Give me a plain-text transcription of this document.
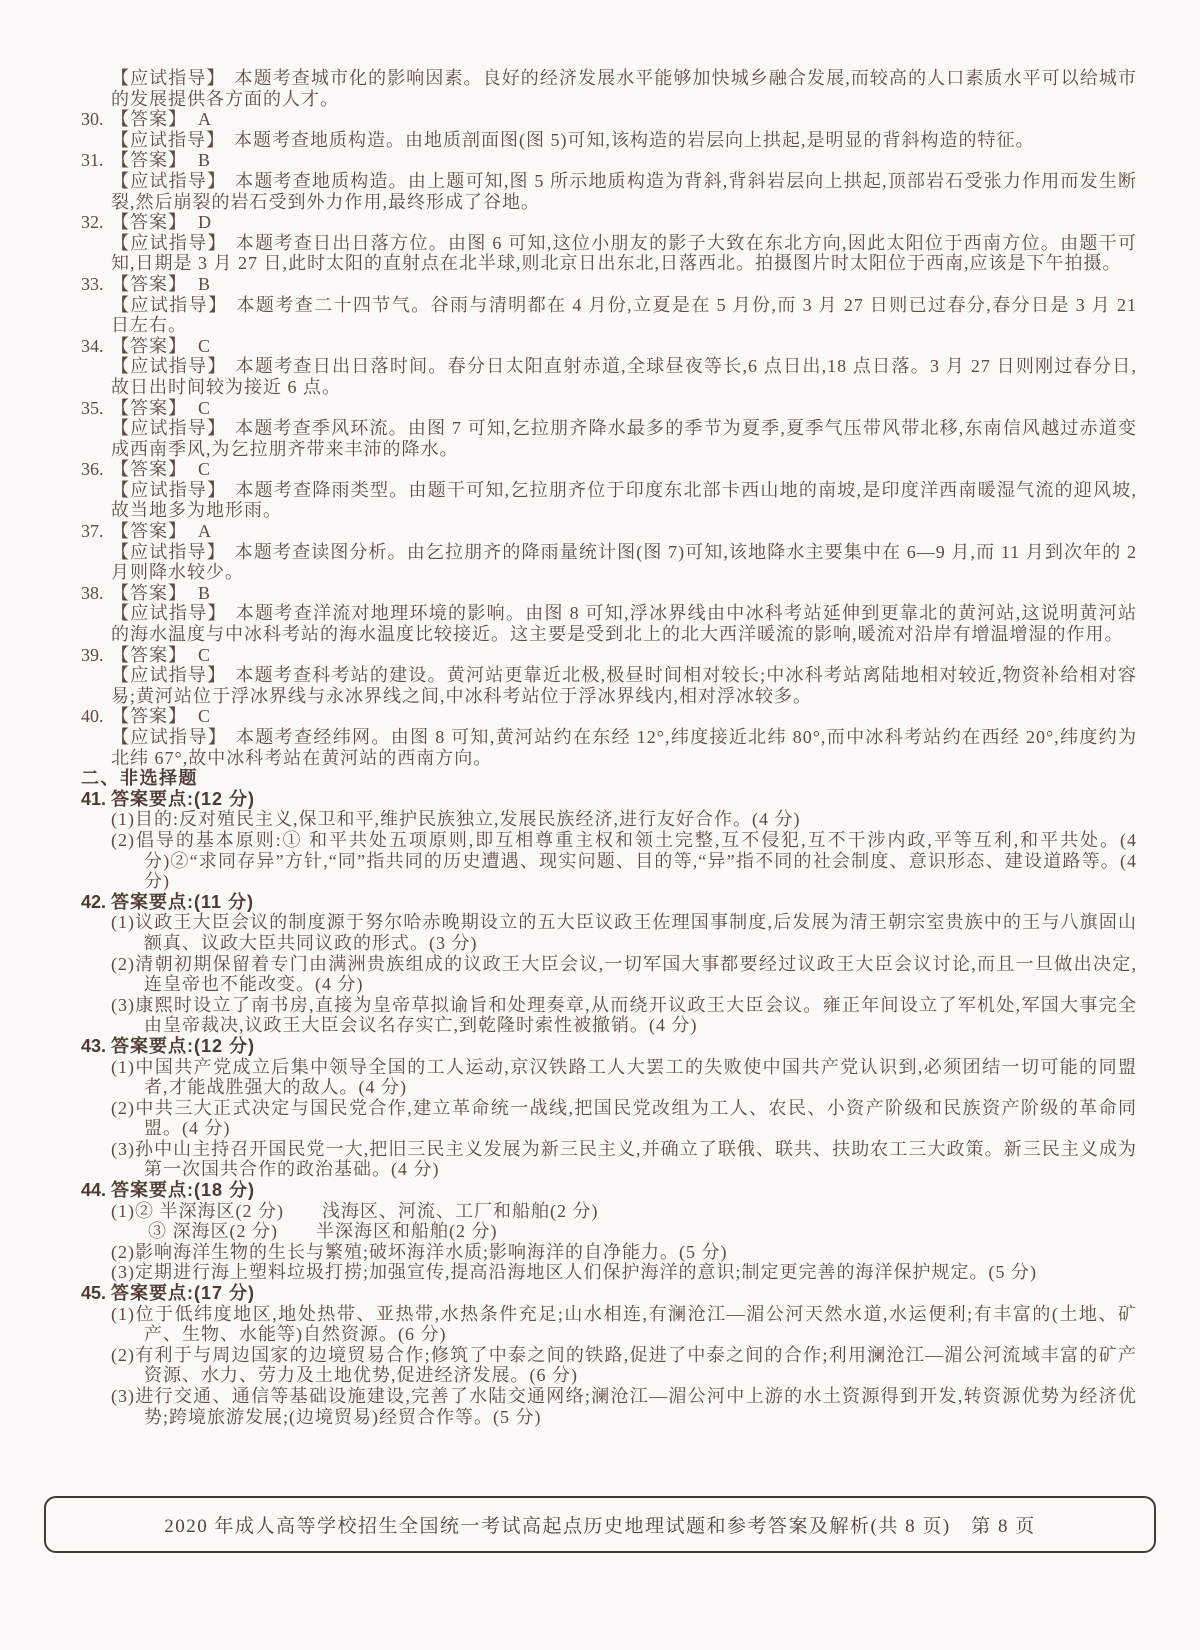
【应试指导】 本题考查城市化的影响因素。良好的经济发展水平能够加快城乡融合发展,而较高的人口素质水平可以给城市的发展提供各方面的人才。
30. 【答案】 A
【应试指导】 本题考查地质构造。由地质剖面图(图 5)可知,该构造的岩层向上拱起,是明显的背斜构造的特征。
31. 【答案】 B
【应试指导】 本题考查地质构造。由上题可知,图 5 所示地质构造为背斜,背斜岩层向上拱起,顶部岩石受张力作用而发生断裂,然后崩裂的岩石受到外力作用,最终形成了谷地。
32. 【答案】 D
【应试指导】 本题考查日出日落方位。由图 6 可知,这位小朋友的影子大致在东北方向,因此太阳位于西南方位。由题干可知,日期是 3 月 27 日,此时太阳的直射点在北半球,则北京日出东北,日落西北。拍摄图片时太阳位于西南,应该是下午拍摄。
33. 【答案】 B
【应试指导】 本题考查二十四节气。谷雨与清明都在 4 月份,立夏是在 5 月份,而 3 月 27 日则已过春分,春分日是 3 月 21 日左右。
34. 【答案】 C
【应试指导】 本题考查日出日落时间。春分日太阳直射赤道,全球昼夜等长,6 点日出,18 点日落。3 月 27 日则刚过春分日,故日出时间较为接近 6 点。
35. 【答案】 C
【应试指导】 本题考查季风环流。由图 7 可知,乞拉朋齐降水最多的季节为夏季,夏季气压带风带北移,东南信风越过赤道变成西南季风,为乞拉朋齐带来丰沛的降水。
36. 【答案】 C
【应试指导】 本题考查降雨类型。由题干可知,乞拉朋齐位于印度东北部卡西山地的南坡,是印度洋西南暖湿气流的迎风坡,故当地多为地形雨。
37. 【答案】 A
【应试指导】 本题考查读图分析。由乞拉朋齐的降雨量统计图(图 7)可知,该地降水主要集中在 6—9 月,而 11 月到次年的 2 月则降水较少。
38. 【答案】 B
【应试指导】 本题考查洋流对地理环境的影响。由图 8 可知,浮冰界线由中冰科考站延伸到更靠北的黄河站,这说明黄河站的海水温度与中冰科考站的海水温度比较接近。这主要是受到北上的北大西洋暖流的影响,暖流对沿岸有增温增湿的作用。
39. 【答案】 C
【应试指导】 本题考查科考站的建设。黄河站更靠近北极,极昼时间相对较长;中冰科考站离陆地相对较近,物资补给相对容易;黄河站位于浮冰界线与永冰界线之间,中冰科考站位于浮冰界线内,相对浮冰较多。
40. 【答案】 C
【应试指导】 本题考查经纬网。由图 8 可知,黄河站约在东经 12°,纬度接近北纬 80°,而中冰科考站约在西经 20°,纬度约为北纬 67°,故中冰科考站在黄河站的西南方向。
二、非选择题
41. 答案要点:(12 分)
(1)目的:反对殖民主义,保卫和平,维护民族独立,发展民族经济,进行友好合作。(4 分)
(2)倡导的基本原则:① 和平共处五项原则,即互相尊重主权和领土完整,互不侵犯,互不干涉内政,平等互利,和平共处。(4 分)②“求同存异”方针,“同”指共同的历史遭遇、现实问题、目的等,“异”指不同的社会制度、意识形态、建设道路等。(4 分)
42. 答案要点:(11 分)
(1)议政王大臣会议的制度源于努尔哈赤晚期设立的五大臣议政王佐理国事制度,后发展为清王朝宗室贵族中的王与八旗固山额真、议政大臣共同议政的形式。(3 分)
(2)清朝初期保留着专门由满洲贵族组成的议政王大臣会议,一切军国大事都要经过议政王大臣会议讨论,而且一旦做出决定,连皇帝也不能改变。(4 分)
(3)康熙时设立了南书房,直接为皇帝草拟谕旨和处理奏章,从而绕开议政王大臣会议。雍正年间设立了军机处,军国大事完全由皇帝裁决,议政王大臣会议名存实亡,到乾隆时索性被撤销。(4 分)
43. 答案要点:(12 分)
(1)中国共产党成立后集中领导全国的工人运动,京汉铁路工人大罢工的失败使中国共产党认识到,必须团结一切可能的同盟者,才能战胜强大的敌人。(4 分)
(2)中共三大正式决定与国民党合作,建立革命统一战线,把国民党改组为工人、农民、小资产阶级和民族资产阶级的革命同盟。(4 分)
(3)孙中山主持召开国民党一大,把旧三民主义发展为新三民主义,并确立了联俄、联共、扶助农工三大政策。新三民主义成为第一次国共合作的政治基础。(4 分)
44. 答案要点:(18 分)
(1)② 半深海区(2 分)　　浅海区、河流、工厂和船舶(2 分)
③ 深海区(2 分)　　半深海区和船舶(2 分)
(2)影响海洋生物的生长与繁殖;破坏海洋水质;影响海洋的自净能力。(5 分)
(3)定期进行海上塑料垃圾打捞;加强宣传,提高沿海地区人们保护海洋的意识;制定更完善的海洋保护规定。(5 分)
45. 答案要点:(17 分)
(1)位于低纬度地区,地处热带、亚热带,水热条件充足;山水相连,有澜沧江—湄公河天然水道,水运便利;有丰富的(土地、矿产、生物、水能等)自然资源。(6 分)
(2)有利于与周边国家的边境贸易合作;修筑了中泰之间的铁路,促进了中泰之间的合作;利用澜沧江—湄公河流域丰富的矿产资源、水力、劳力及土地优势,促进经济发展。(6 分)
(3)进行交通、通信等基础设施建设,完善了水陆交通网络;澜沧江—湄公河中上游的水土资源得到开发,转资源优势为经济优势;跨境旅游发展;(边境贸易)经贸合作等。(5 分)
2020 年成人高等学校招生全国统一考试高起点历史地理试题和参考答案及解析(共 8 页)　第 8 页
